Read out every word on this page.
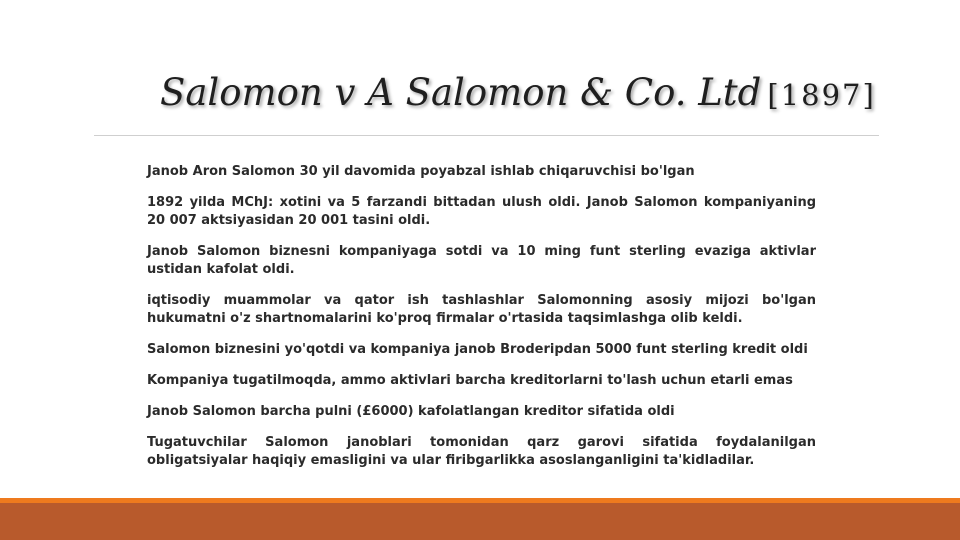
Salomon v A Salomon & Co. Ltd [1897]

Janob Aron Salomon 30 yil davomida poyabzal ishlab chiqaruvchisi bo'lgan

1892 yilda MChJ: xotini va 5 farzandi bittadan ulush oldi. Janob Salomon kompaniyaning 20 007 aktsiyasidan 20 001 tasini oldi.

Janob Salomon biznesni kompaniyaga sotdi va 10 ming funt sterling evaziga aktivlar ustidan kafolat oldi.

iqtisodiy muammolar va qator ish tashlashlar Salomonning asosiy mijozi bo'lgan hukumatni o'z shartnomalarini ko'proq firmalar o'rtasida taqsimlashga olib keldi.

Salomon biznesini yo'qotdi va kompaniya janob Broderipdan 5000 funt sterling kredit oldi

Kompaniya tugatilmoqda, ammo aktivlari barcha kreditorlarni to'lash uchun etarli emas

Janob Salomon barcha pulni (£6000) kafolatlangan kreditor sifatida oldi

Tugatuvchilar Salomon janoblari tomonidan qarz garovi sifatida foydalanilgan obligatsiyalar haqiqiy emasligini va ular firibgarlikka asoslanganligini ta'kidladilar.
